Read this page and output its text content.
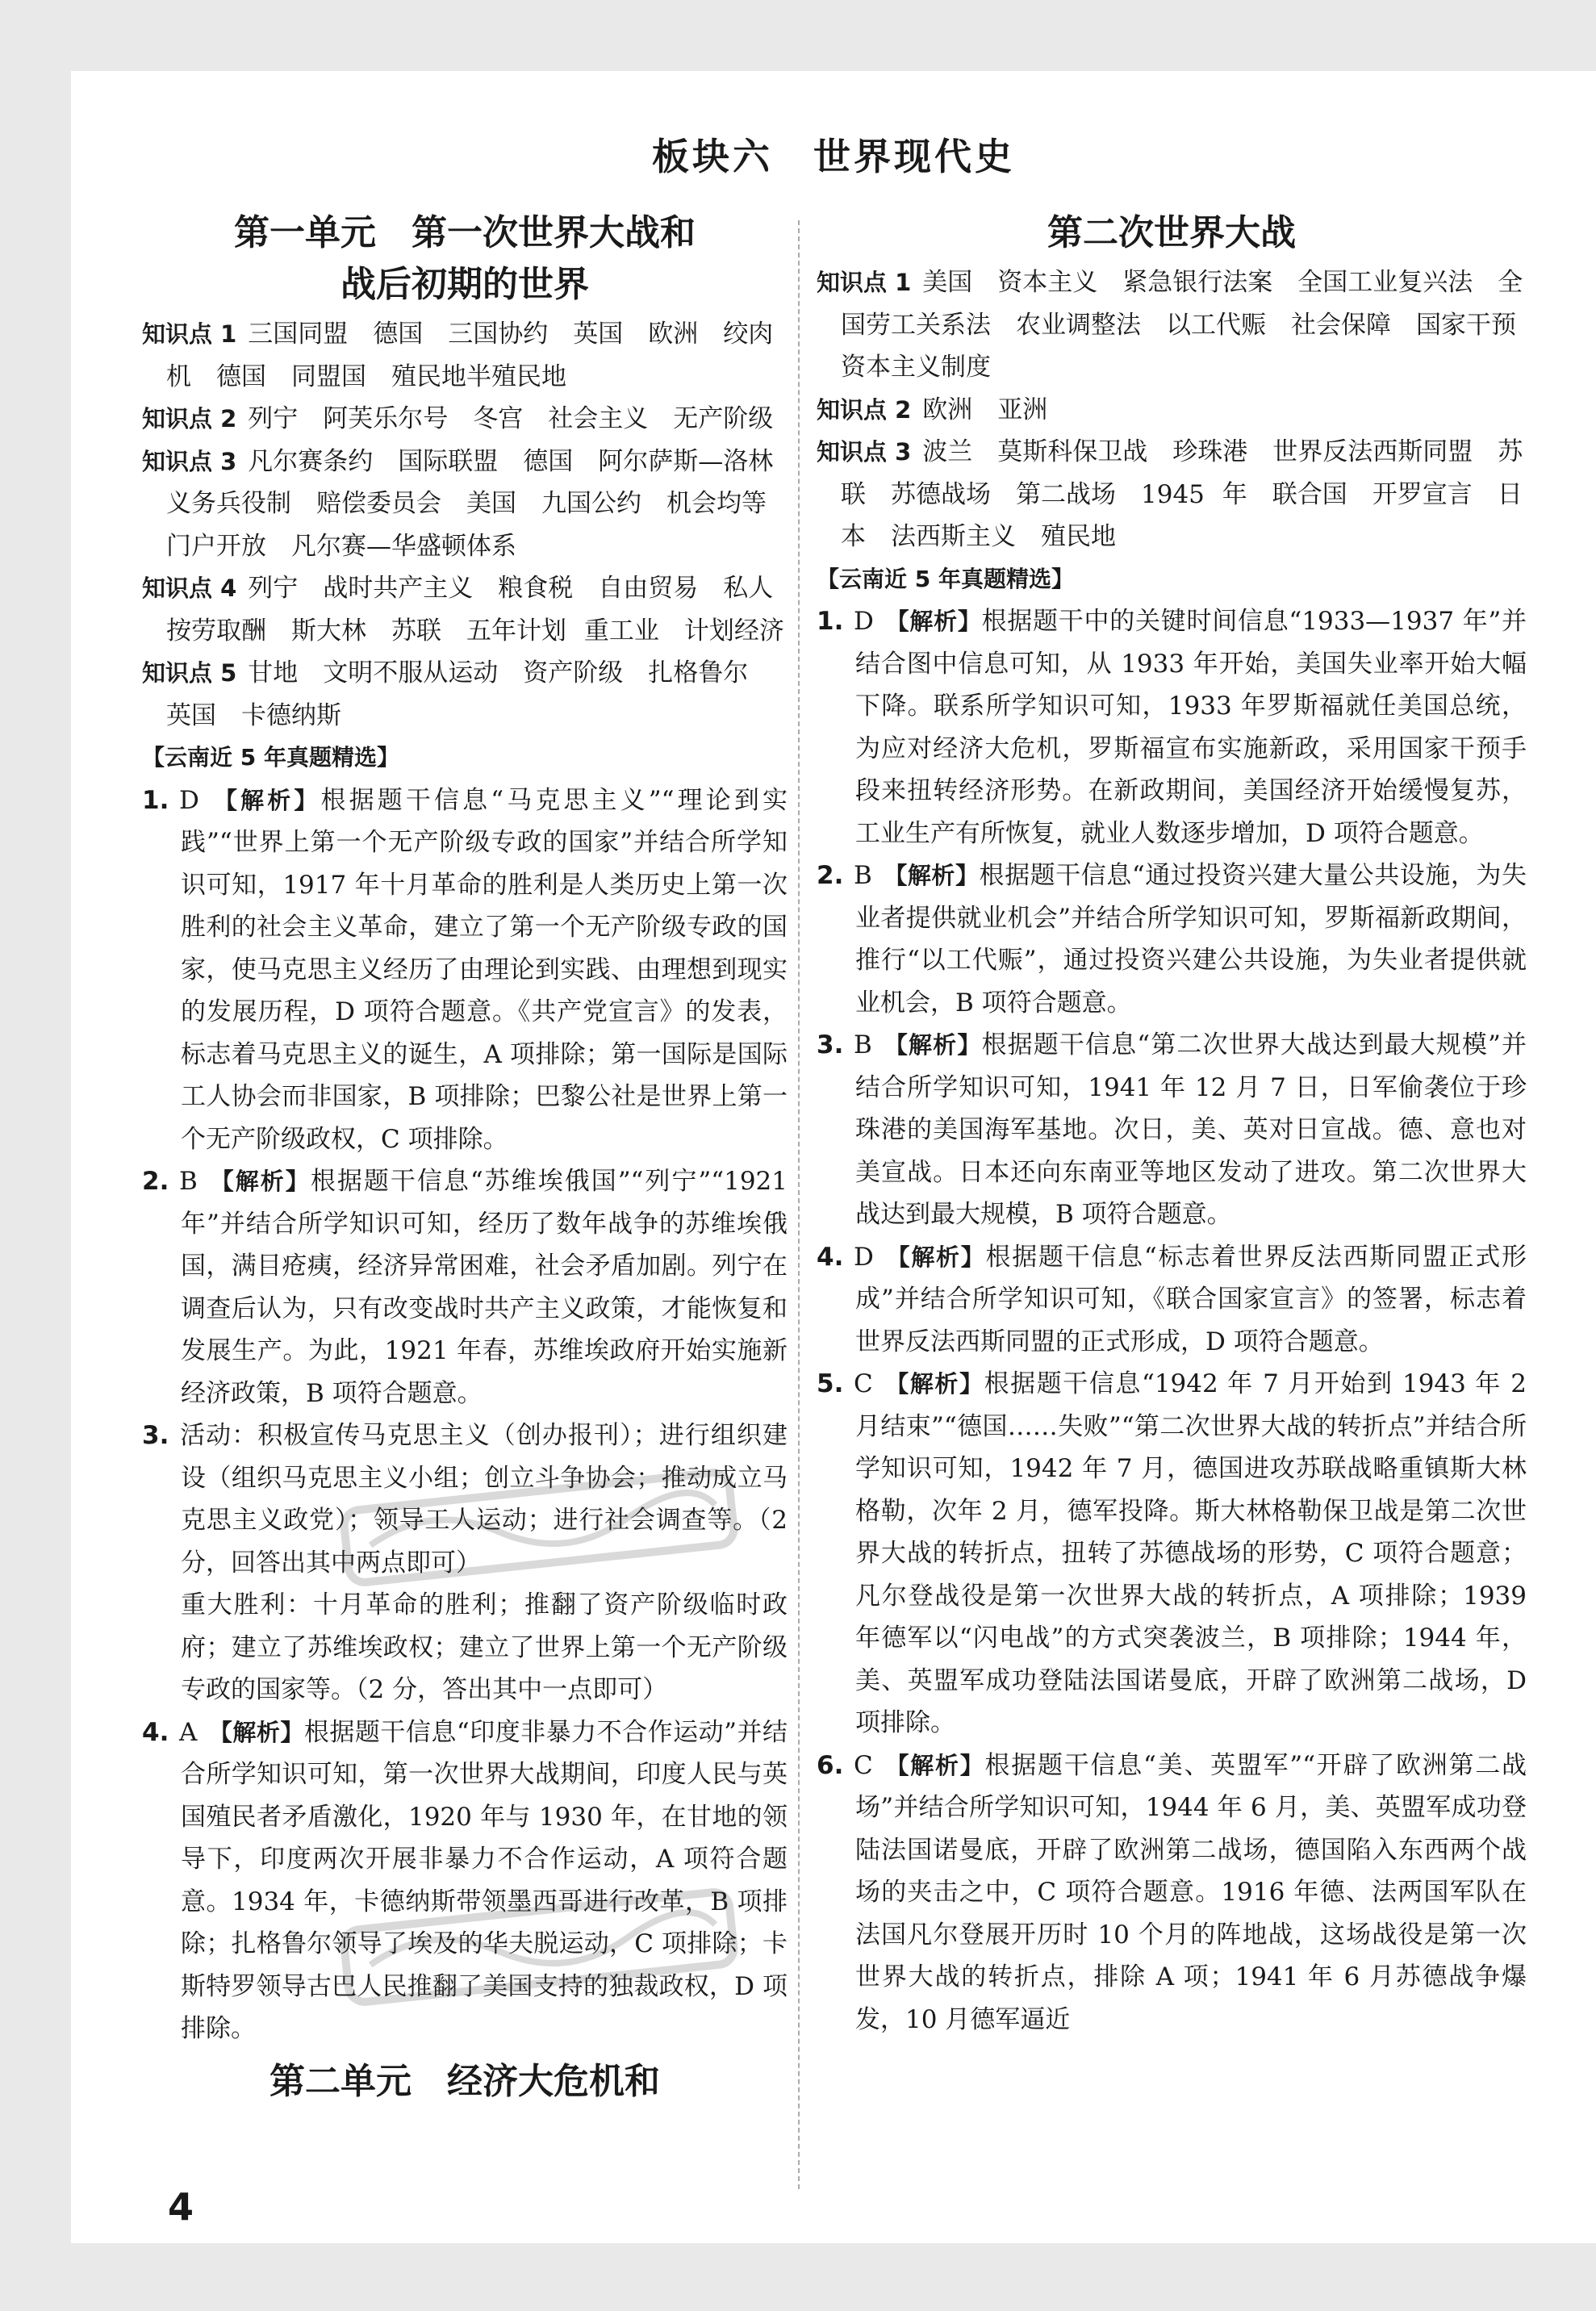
板块六　世界现代史
第一单元　第一次世界大战和
战后初期的世界

知识点 1 三国同盟　德国　三国协约　英国　欧洲　绞肉机　德国　同盟国　殖民地半殖民地

知识点 2 列宁　阿芙乐尔号　冬宫　社会主义　无产阶级

知识点 3 凡尔赛条约　国际联盟　德国　阿尔萨斯—洛林　义务兵役制　赔偿委员会　美国　九国公约　机会均等　门户开放　凡尔赛—华盛顿体系

知识点 4 列宁　战时共产主义　粮食税　自由贸易　私人　按劳取酬　斯大林　苏联　五年计划 重工业　计划经济

知识点 5 甘地　文明不服从运动　资产阶级　扎格鲁尔　英国　卡德纳斯

【云南近 5 年真题精选】

1. D 【解析】根据题干信息“马克思主义”“理论到实践”“世界上第一个无产阶级专政的国家”并结合所学知识可知，1917 年十月革命的胜利是人类历史上第一次胜利的社会主义革命，建立了第一个无产阶级专政的国家，使马克思主义经历了由理论到实践、由理想到现实的发展历程，D 项符合题意。《共产党宣言》的发表，标志着马克思主义的诞生，A 项排除；第一国际是国际工人协会而非国家，B 项排除；巴黎公社是世界上第一个无产阶级政权，C 项排除。

2. B 【解析】根据题干信息“苏维埃俄国”“列宁”“1921 年”并结合所学知识可知，经历了数年战争的苏维埃俄国，满目疮痍，经济异常困难，社会矛盾加剧。列宁在调查后认为，只有改变战时共产主义政策，才能恢复和发展生产。为此，1921 年春，苏维埃政府开始实施新经济政策，B 项符合题意。

3. 活动：积极宣传马克思主义（创办报刊）；进行组织建设（组织马克思主义小组；创立斗争协会；推动成立马克思主义政党）；领导工人运动；进行社会调查等。（2 分，回答出其中两点即可）

重大胜利：十月革命的胜利；推翻了资产阶级临时政府；建立了苏维埃政权；建立了世界上第一个无产阶级专政的国家等。（2 分，答出其中一点即可）

4. A 【解析】根据题干信息“印度非暴力不合作运动”并结合所学知识可知，第一次世界大战期间，印度人民与英国殖民者矛盾激化，1920 年与 1930 年，在甘地的领导下，印度两次开展非暴力不合作运动，A 项符合题意。1934 年，卡德纳斯带领墨西哥进行改革，B 项排除；扎格鲁尔领导了埃及的华夫脱运动，C 项排除；卡斯特罗领导古巴人民推翻了美国支持的独裁政权，D 项排除。

第二单元　经济大危机和
第二次世界大战

知识点 1 美国　资本主义　紧急银行法案　全国工业复兴法　全国劳工关系法　农业调整法　以工代赈　社会保障　国家干预　资本主义制度

知识点 2 欧洲　亚洲

知识点 3 波兰　莫斯科保卫战　珍珠港　世界反法西斯同盟　苏联　苏德战场　第二战场　1945 年　联合国　开罗宣言　日本　法西斯主义　殖民地

【云南近 5 年真题精选】

1. D 【解析】根据题干中的关键时间信息“1933—1937 年”并结合图中信息可知，从 1933 年开始，美国失业率开始大幅下降。联系所学知识可知，1933 年罗斯福就任美国总统，为应对经济大危机，罗斯福宣布实施新政，采用国家干预手段来扭转经济形势。在新政期间，美国经济开始缓慢复苏，工业生产有所恢复，就业人数逐步增加，D 项符合题意。

2. B 【解析】根据题干信息“通过投资兴建大量公共设施，为失业者提供就业机会”并结合所学知识可知，罗斯福新政期间，推行“以工代赈”，通过投资兴建公共设施，为失业者提供就业机会，B 项符合题意。

3. B 【解析】根据题干信息“第二次世界大战达到最大规模”并结合所学知识可知，1941 年 12 月 7 日，日军偷袭位于珍珠港的美国海军基地。次日，美、英对日宣战。德、意也对美宣战。日本还向东南亚等地区发动了进攻。第二次世界大战达到最大规模，B 项符合题意。

4. D 【解析】根据题干信息“标志着世界反法西斯同盟正式形成”并结合所学知识可知，《联合国家宣言》的签署，标志着世界反法西斯同盟的正式形成，D 项符合题意。

5. C 【解析】根据题干信息“1942 年 7 月开始到 1943 年 2 月结束”“德国……失败”“第二次世界大战的转折点”并结合所学知识可知，1942 年 7 月，德国进攻苏联战略重镇斯大林格勒，次年 2 月，德军投降。斯大林格勒保卫战是第二次世界大战的转折点，扭转了苏德战场的形势，C 项符合题意；凡尔登战役是第一次世界大战的转折点，A 项排除；1939 年德军以“闪电战”的方式突袭波兰，B 项排除；1944 年，美、英盟军成功登陆法国诺曼底，开辟了欧洲第二战场，D 项排除。

6. C 【解析】根据题干信息“美、英盟军”“开辟了欧洲第二战场”并结合所学知识可知，1944 年 6 月，美、英盟军成功登陆法国诺曼底，开辟了欧洲第二战场，德国陷入东西两个战场的夹击之中，C 项符合题意。1916 年德、法两国军队在法国凡尔登展开历时 10 个月的阵地战，这场战役是第一次世界大战的转折点，排除 A 项；1941 年 6 月苏德战争爆发，10 月德军逼近

4
